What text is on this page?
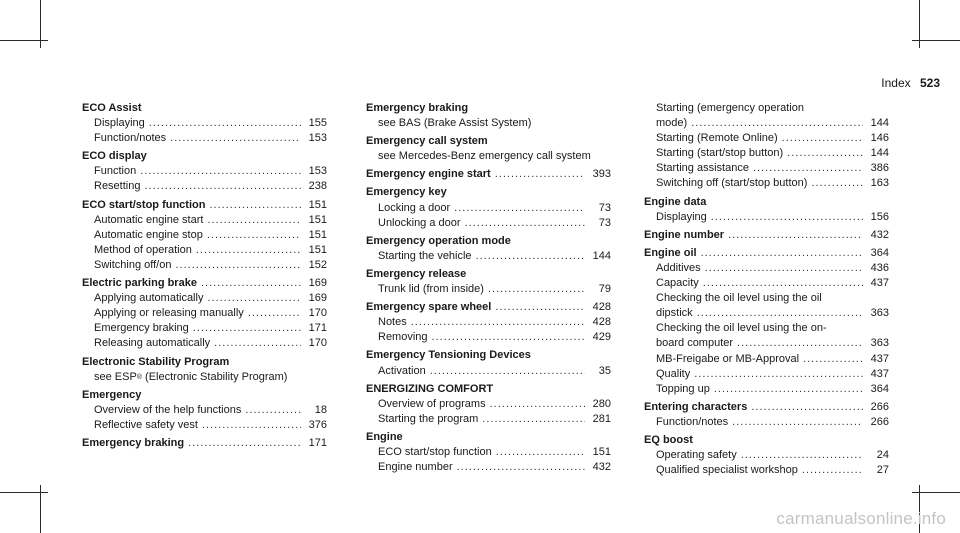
Index 523
ECO Assist
Displaying .....	155
Function/notes .....	153
ECO display
Function .....	153
Resetting .....	238
ECO start/stop function .....	151
Automatic engine start .....	151
Automatic engine stop .....	151
Method of operation .....	151
Switching off/on .....	152
Electric parking brake .....	169
Applying automatically .....	169
Applying or releasing manually .....	170
Emergency braking .....	171
Releasing automatically .....	170
Electronic Stability Program
see ESP® (Electronic Stability Program)
Emergency
Overview of the help functions .....	18
Reflective safety vest .....	376
Emergency braking .....	171
Emergency braking
see BAS (Brake Assist System)
Emergency call system
see Mercedes-Benz emergency call system
Emergency engine start .....	393
Emergency key
Locking a door .....	73
Unlocking a door .....	73
Emergency operation mode
Starting the vehicle .....	144
Emergency release
Trunk lid (from inside) .....	79
Emergency spare wheel .....	428
Notes .....	428
Removing .....	429
Emergency Tensioning Devices
Activation .....	35
ENERGIZING COMFORT
Overview of programs .....	280
Starting the program .....	281
Engine
ECO start/stop function .....	151
Engine number .....	432
Starting (emergency operation
mode) .....	144
Starting (Remote Online) .....	146
Starting (start/stop button) .....	144
Starting assistance .....	386
Switching off (start/stop button) .....	163
Engine data
Displaying .....	156
Engine number .....	432
Engine oil .....	364
Additives .....	436
Capacity .....	437
Checking the oil level using the oil
dipstick .....	363
Checking the oil level using the on-
board computer .....	363
MB-Freigabe or MB-Approval .....	437
Quality .....	437
Topping up .....	364
Entering characters .....	266
Function/notes .....	266
EQ boost
Operating safety .....	24
Qualified specialist workshop .....	27
carmanualsonline.info
